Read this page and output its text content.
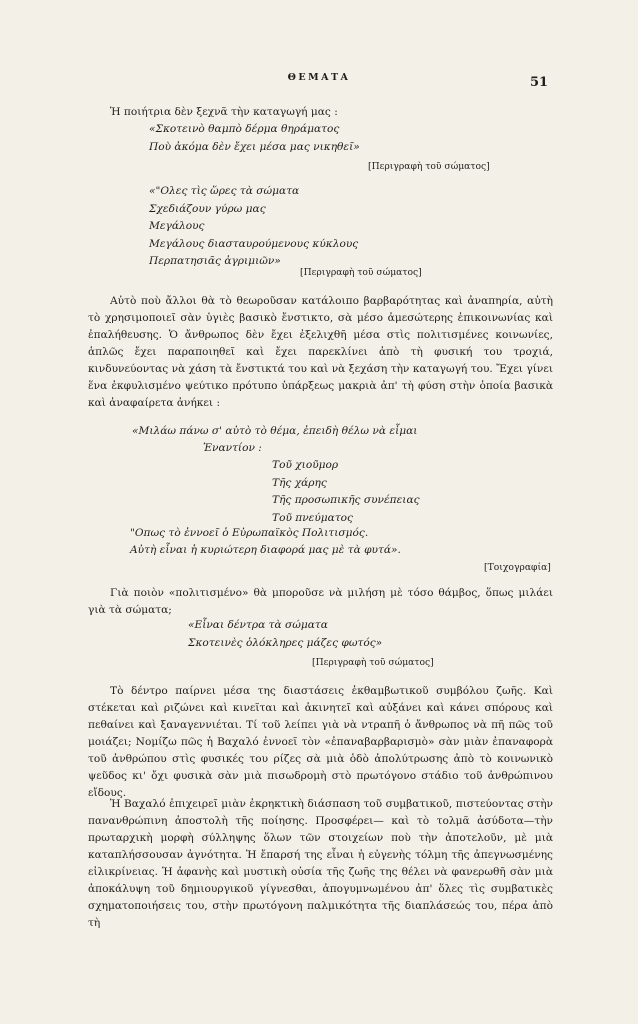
ΘΕΜΑΤΑ	51

Ἡ ποιήτρια δὲν ξεχνᾶ τὴν καταγωγή μας :

«Σκοτεινὸ θαμπὸ δέρμα θηράματος
Ποὺ ἀκόμα δὲν ἔχει μέσα μας νικηθεῖ»
[Περιγραφὴ τοῦ σώματος]
«"Ολες τὶς ὥρες τὰ σώματα
Σχεδιάζουν γύρω μας
Μεγάλους
Μεγάλους διασταυρούμενους κύκλους
Περπατησιᾶς ἀγριμιῶν»
[Περιγραφὴ τοῦ σώματος]

Αὐτὸ ποὺ ἄλλοι θὰ τὸ θεωροῦσαν κατάλοιπο βαρβαρότητας καὶ ἀναπηρία, αὐτὴ τὸ χρησιμοποιεῖ σὰν ὑγιὲς βασικὸ ἔνστικτο, σὰ μέσο ἀμεσώτερης ἐπικοινωνίας καὶ ἐπαλήθευσης. Ὁ ἄνθρωπος δὲν ἔχει ἐξελιχθῆ μέσα στὶς πολιτισμένες κοινωνίες, ἁπλῶς ἔχει παραποιηθεῖ καὶ ἔχει παρεκλίνει ἀπὸ τὴ φυσική του τροχιά, κινδυνεύοντας νὰ χάση τὰ ἔνστικτά του καὶ νὰ ξεχάση τὴν καταγωγή του. Ἔχει γίνει ἕνα ἐκφυλισμένο ψεύτικο πρότυπο ὑπάρξεως μακριὰ ἀπ' τὴ φύση στὴν ὁποία βασικὰ καὶ ἀναφαίρετα ἀνήκει :

«Μιλάω πάνω σ' αὐτὸ τὸ θέμα, ἐπειδὴ θέλω νὰ εἶμαι
Ἐναντίον :
Τοῦ χιοῦμορ
Τῆς χάρης
Τῆς προσωπικῆς συνέπειας
Τοῦ πνεύματος
"Οπως τὸ ἐννοεῖ ὁ Εὐρωπαϊκὸς Πολιτισμός.
Αὐτὴ εἶναι ἡ κυριώτερη διαφορά μας μὲ τὰ φυτά».
[Τοιχογραφία]

Γιὰ ποιὸν «πολιτισμένο» θὰ μποροῦσε νὰ μιλήση μὲ τόσο θάμβος, ὅπως μιλάει γιὰ τὰ σώματα;

«Εἶναι δέντρα τὰ σώματα
Σκοτεινὲς ὁλόκληρες μάζες φωτός»
[Περιγραφὴ τοῦ σώματος]

Τὸ δέντρο παίρνει μέσα της διαστάσεις ἐκθαμβωτικοῦ συμβόλου ζωῆς. Καὶ στέκεται καὶ ριζώνει καὶ κινεῖται καὶ ἀκινητεῖ καὶ αὐξάνει καὶ κάνει σπόρους καὶ πεθαίνει καὶ ξαναγεννιέται. Τί τοῦ λείπει γιὰ νὰ ντραπῆ ὁ ἄνθρωπος νὰ πῆ πῶς τοῦ μοιάζει; Νομίζω πῶς ἡ Βαχαλό ἐννοεῖ τὸν «ἐπαναβαρβαρισμὸ» σὰν μιὰν ἐπαναφορὰ τοῦ ἀνθρώπου στὶς φυσικές του ρίζες σὰ μιὰ ὁδὸ ἀπολύτρωσης ἀπὸ τὸ κοινωνικὸ ψεῦδος κι' ὄχι φυσικὰ σὰν μιὰ πισωδρομὴ στὸ πρωτόγονο στάδιο τοῦ ἀνθρώπινου εἴδους.

Ἡ Βαχαλό ἐπιχειρεῖ μιὰν ἐκρηκτικὴ διάσπαση τοῦ συμβατικοῦ, πιστεύοντας στὴν πανανθρώπινη ἀποστολὴ τῆς ποίησης. Προσφέρει— καὶ τὸ τολμᾶ ἀσύδοτα—τὴν πρωταρχικὴ μορφὴ σύλληψης ὅλων τῶν στοιχείων ποὺ τὴν ἀποτελοῦν, μὲ μιὰ καταπλήσσουσαν ἀγνότητα. Ἡ ἔπαρσή της εἶναι ἡ εὐγενὴς τόλμη τῆς ἀπεγνωσμένης εἰλικρίνειας. Ἡ ἀφανὴς καὶ μυστικὴ οὐσία τῆς ζωῆς της θέλει νὰ φανερωθῆ σὰν μιὰ ἀποκάλυψη τοῦ δημιουργικοῦ γίγνεσθαι, ἀπογυμνωμένου ἀπ' ὅλες τὶς συμβατικὲς σχηματοποιήσεις του, στὴν πρωτόγονη παλμικότητα τῆς διαπλάσεώς του, πέρα ἀπὸ τὴ
